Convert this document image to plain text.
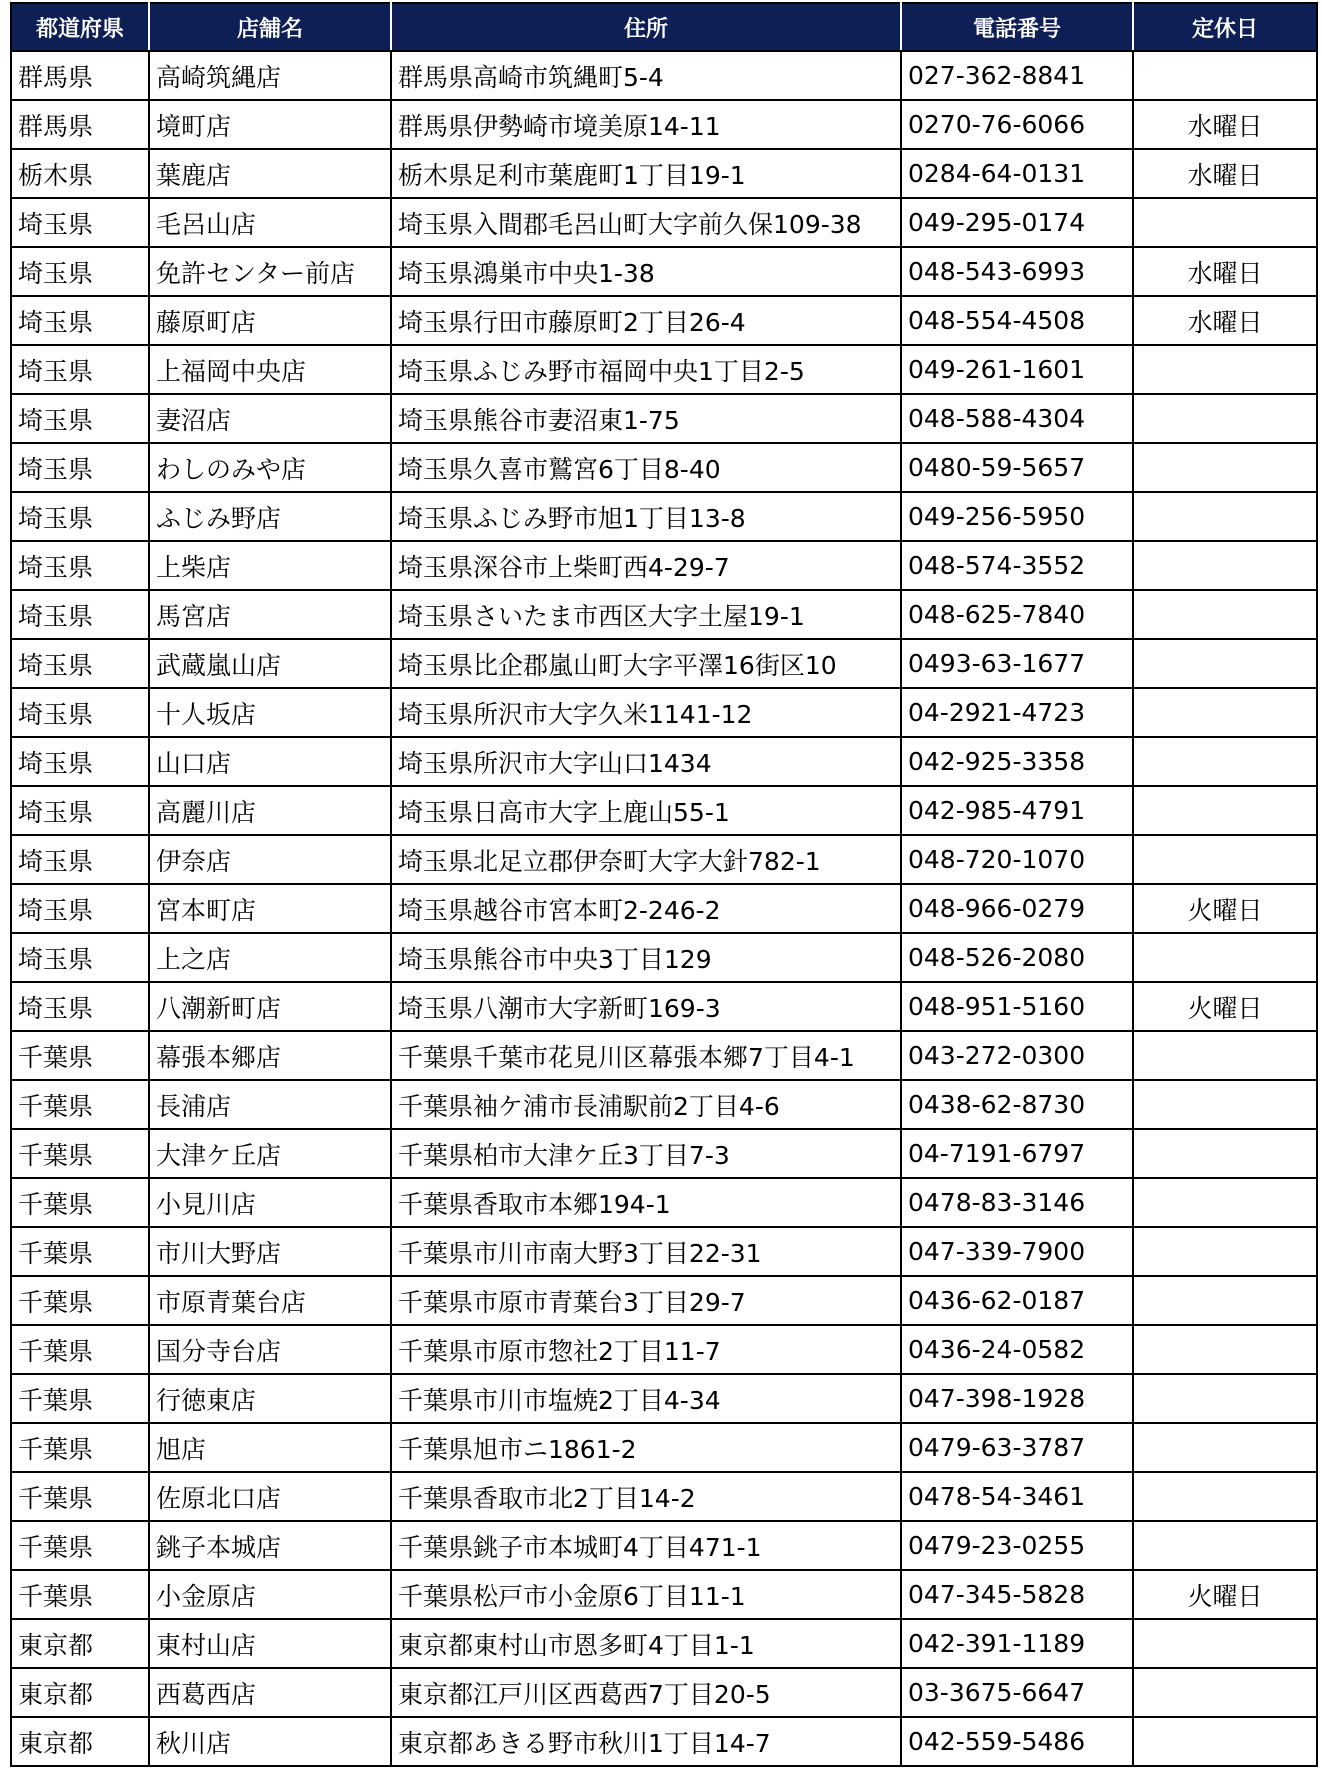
都道府県	店舗名	住所	電話番号	定休日
群馬県	高崎筑縄店	群馬県高崎市筑縄町5-4	027-362-8841	
群馬県	境町店	群馬県伊勢崎市境美原14-11	0270-76-6066	水曜日
栃木県	葉鹿店	栃木県足利市葉鹿町1丁目19-1	0284-64-0131	水曜日
埼玉県	毛呂山店	埼玉県入間郡毛呂山町大字前久保109-38	049-295-0174	
埼玉県	免許センター前店	埼玉県鴻巣市中央1-38	048-543-6993	水曜日
埼玉県	藤原町店	埼玉県行田市藤原町2丁目26-4	048-554-4508	水曜日
埼玉県	上福岡中央店	埼玉県ふじみ野市福岡中央1丁目2-5	049-261-1601	
埼玉県	妻沼店	埼玉県熊谷市妻沼東1-75	048-588-4304	
埼玉県	わしのみや店	埼玉県久喜市鷲宮6丁目8-40	0480-59-5657	
埼玉県	ふじみ野店	埼玉県ふじみ野市旭1丁目13-8	049-256-5950	
埼玉県	上柴店	埼玉県深谷市上柴町西4-29-7	048-574-3552	
埼玉県	馬宮店	埼玉県さいたま市西区大字土屋19-1	048-625-7840	
埼玉県	武蔵嵐山店	埼玉県比企郡嵐山町大字平澤16街区10	0493-63-1677	
埼玉県	十人坂店	埼玉県所沢市大字久米1141-12	04-2921-4723	
埼玉県	山口店	埼玉県所沢市大字山口1434	042-925-3358	
埼玉県	高麗川店	埼玉県日高市大字上鹿山55-1	042-985-4791	
埼玉県	伊奈店	埼玉県北足立郡伊奈町大字大針782-1	048-720-1070	
埼玉県	宮本町店	埼玉県越谷市宮本町2-246-2	048-966-0279	火曜日
埼玉県	上之店	埼玉県熊谷市中央3丁目129	048-526-2080	
埼玉県	八潮新町店	埼玉県八潮市大字新町169-3	048-951-5160	火曜日
千葉県	幕張本郷店	千葉県千葉市花見川区幕張本郷7丁目4-1	043-272-0300	
千葉県	長浦店	千葉県袖ケ浦市長浦駅前2丁目4-6	0438-62-8730	
千葉県	大津ケ丘店	千葉県柏市大津ケ丘3丁目7-3	04-7191-6797	
千葉県	小見川店	千葉県香取市本郷194-1	0478-83-3146	
千葉県	市川大野店	千葉県市川市南大野3丁目22-31	047-339-7900	
千葉県	市原青葉台店	千葉県市原市青葉台3丁目29-7	0436-62-0187	
千葉県	国分寺台店	千葉県市原市惣社2丁目11-7	0436-24-0582	
千葉県	行徳東店	千葉県市川市塩焼2丁目4-34	047-398-1928	
千葉県	旭店	千葉県旭市ニ1861-2	0479-63-3787	
千葉県	佐原北口店	千葉県香取市北2丁目14-2	0478-54-3461	
千葉県	銚子本城店	千葉県銚子市本城町4丁目471-1	0479-23-0255	
千葉県	小金原店	千葉県松戸市小金原6丁目11-1	047-345-5828	火曜日
東京都	東村山店	東京都東村山市恩多町4丁目1-1	042-391-1189	
東京都	西葛西店	東京都江戸川区西葛西7丁目20-5	03-3675-6647	
東京都	秋川店	東京都あきる野市秋川1丁目14-7	042-559-5486	
